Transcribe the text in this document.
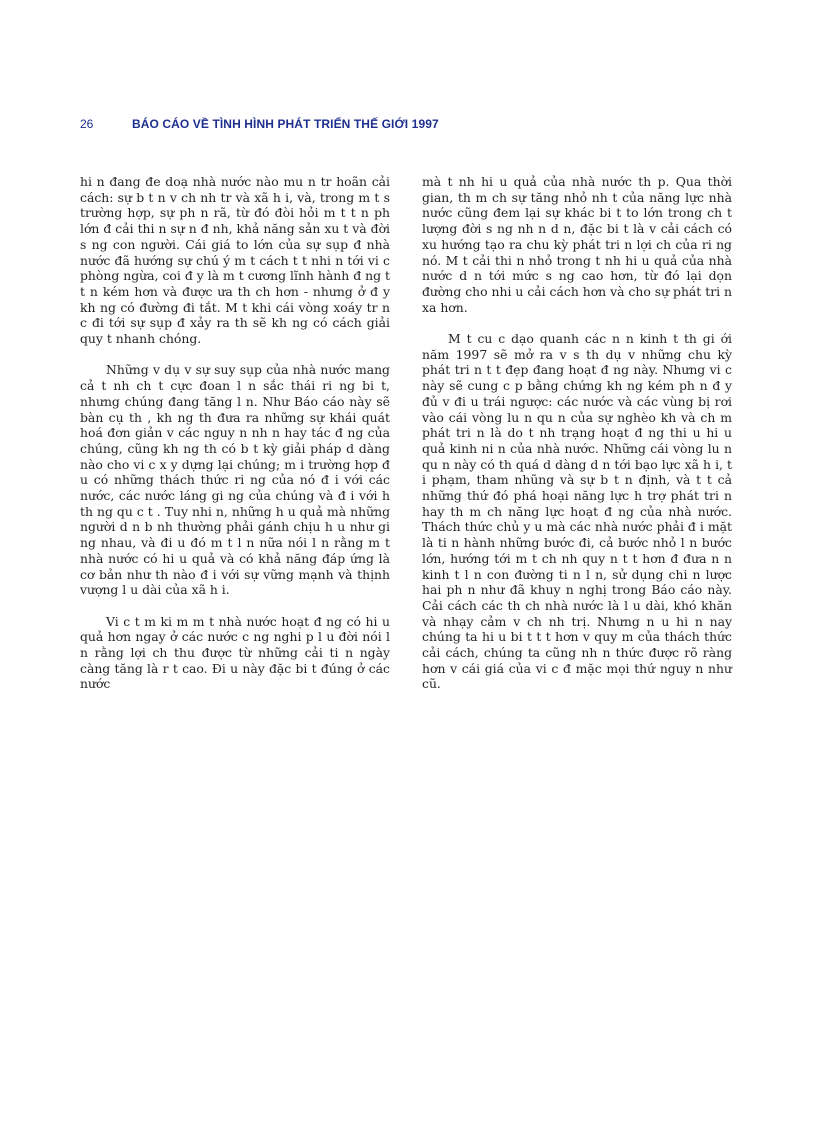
26	BÁO CÁO VỀ TÌNH HÌNH PHÁT TRIỂN THẾ GIỚI 1997

hi n đang đe doạ nhà nước nào mu n tr hoãn cải cách: sự b t n v ch nh tr và xã h i, và, trong m t s trường hợp, sự ph n rã, từ đó đòi hỏi m t t n ph lớn đ cải thi n sự n đ nh, khả năng sản xu t và đời s ng con người. Cái giá to lớn của sự sụp đ nhà nước đã hướng sự chú ý m t cách t t nhi n tới vi c phòng ngừa, coi đ y là m t cương lĩnh hành đ ng t t n kém hơn và được ưa th ch hơn - nhưng ở đ y kh ng có đường đi tắt. M t khi cái vòng xoáy tr n c đi tới sự sụp đ xảy ra th sẽ kh ng có cách giải quy t nhanh chóng.

Những v dụ v sự suy sụp của nhà nước mang cả t nh ch t cực đoan l n sắc thái ri ng bi t, nhưng chúng đang tăng l n. Như Báo cáo này sẽ bàn cụ th , kh ng th đưa ra những sự khái quát hoá đơn giản v các nguy n nh n hay tác đ ng của chúng, cũng kh ng th có b t kỳ giải pháp d dàng nào cho vi c x y dựng lại chúng; m i trường hợp đ u có những thách thức ri ng của nó đ i với các nước, các nước láng gi ng của chúng và đ i với h th ng qu c t . Tuy nhi n, những h u quả mà những người d n b nh thường phải gánh chịu h u như gi ng nhau, và đi u đó m t l n nữa nói l n rằng m t nhà nước có hi u quả và có khả năng đáp ứng là cơ bản như th nào đ i với sự vững mạnh và thịnh vượng l u dài của xã h i.

Vi c t m ki m m t nhà nước hoạt đ ng có hi u quả hơn ngay ở các nước c ng nghi p l u đời nói l n rằng lợi ch thu được từ những cải ti n ngày càng tăng là r t cao. Đi u này đặc bi t đúng ở các nước

mà t nh hi u quả của nhà nước th p. Qua thời gian, th m ch sự tăng nhỏ nh t của năng lực nhà nước cũng đem lại sự khác bi t to lớn trong ch t lượng đời s ng nh n d n, đặc bi t là v cải cách có xu hướng tạo ra chu kỳ phát tri n lợi ch của ri ng nó. M t cải thi n nhỏ trong t nh hi u quả của nhà nước d n tới mức s ng cao hơn, từ đó lại dọn đường cho nhi u cải cách hơn và cho sự phát tri n xa hơn.

M t cu c dạo quanh các n n kinh t th gi ới năm 1997 sẽ mở ra v s th dụ v những chu kỳ phát tri n t t đẹp đang hoạt đ ng này. Nhưng vi c này sẽ cung c p bằng chứng kh ng kém ph n đ y đủ v đi u trái ngược: các nước và các vùng bị rơi vào cái vòng lu n qu n của sự nghèo kh và ch m phát tri n là do t nh trạng hoạt đ ng thi u hi u quả kinh ni n của nhà nước. Những cái vòng lu n qu n này có th quá d dàng d n tới bạo lực xã h i, t i phạm, tham nhũng và sự b t n định, và t t cả những thứ đó phá hoại năng lực h trợ phát tri n hay th m ch năng lực hoạt đ ng của nhà nước. Thách thức chủ y u mà các nhà nước phải đ i mặt là ti n hành những bước đi, cả bước nhỏ l n bước lớn, hướng tới m t ch nh quy n t t hơn đ đưa n n kinh t l n con đường ti n l n, sử dụng chi n lược hai ph n như đã khuy n nghị trong Báo cáo này. Cải cách các th ch nhà nước là l u dài, khó khăn và nhạy cảm v ch nh trị. Nhưng n u hi n nay chúng ta hi u bi t t t hơn v quy m của thách thức cải cách, chúng ta cũng nh n thức được rõ ràng hơn v cái giá của vi c đ mặc mọi thứ nguy n như cũ.
